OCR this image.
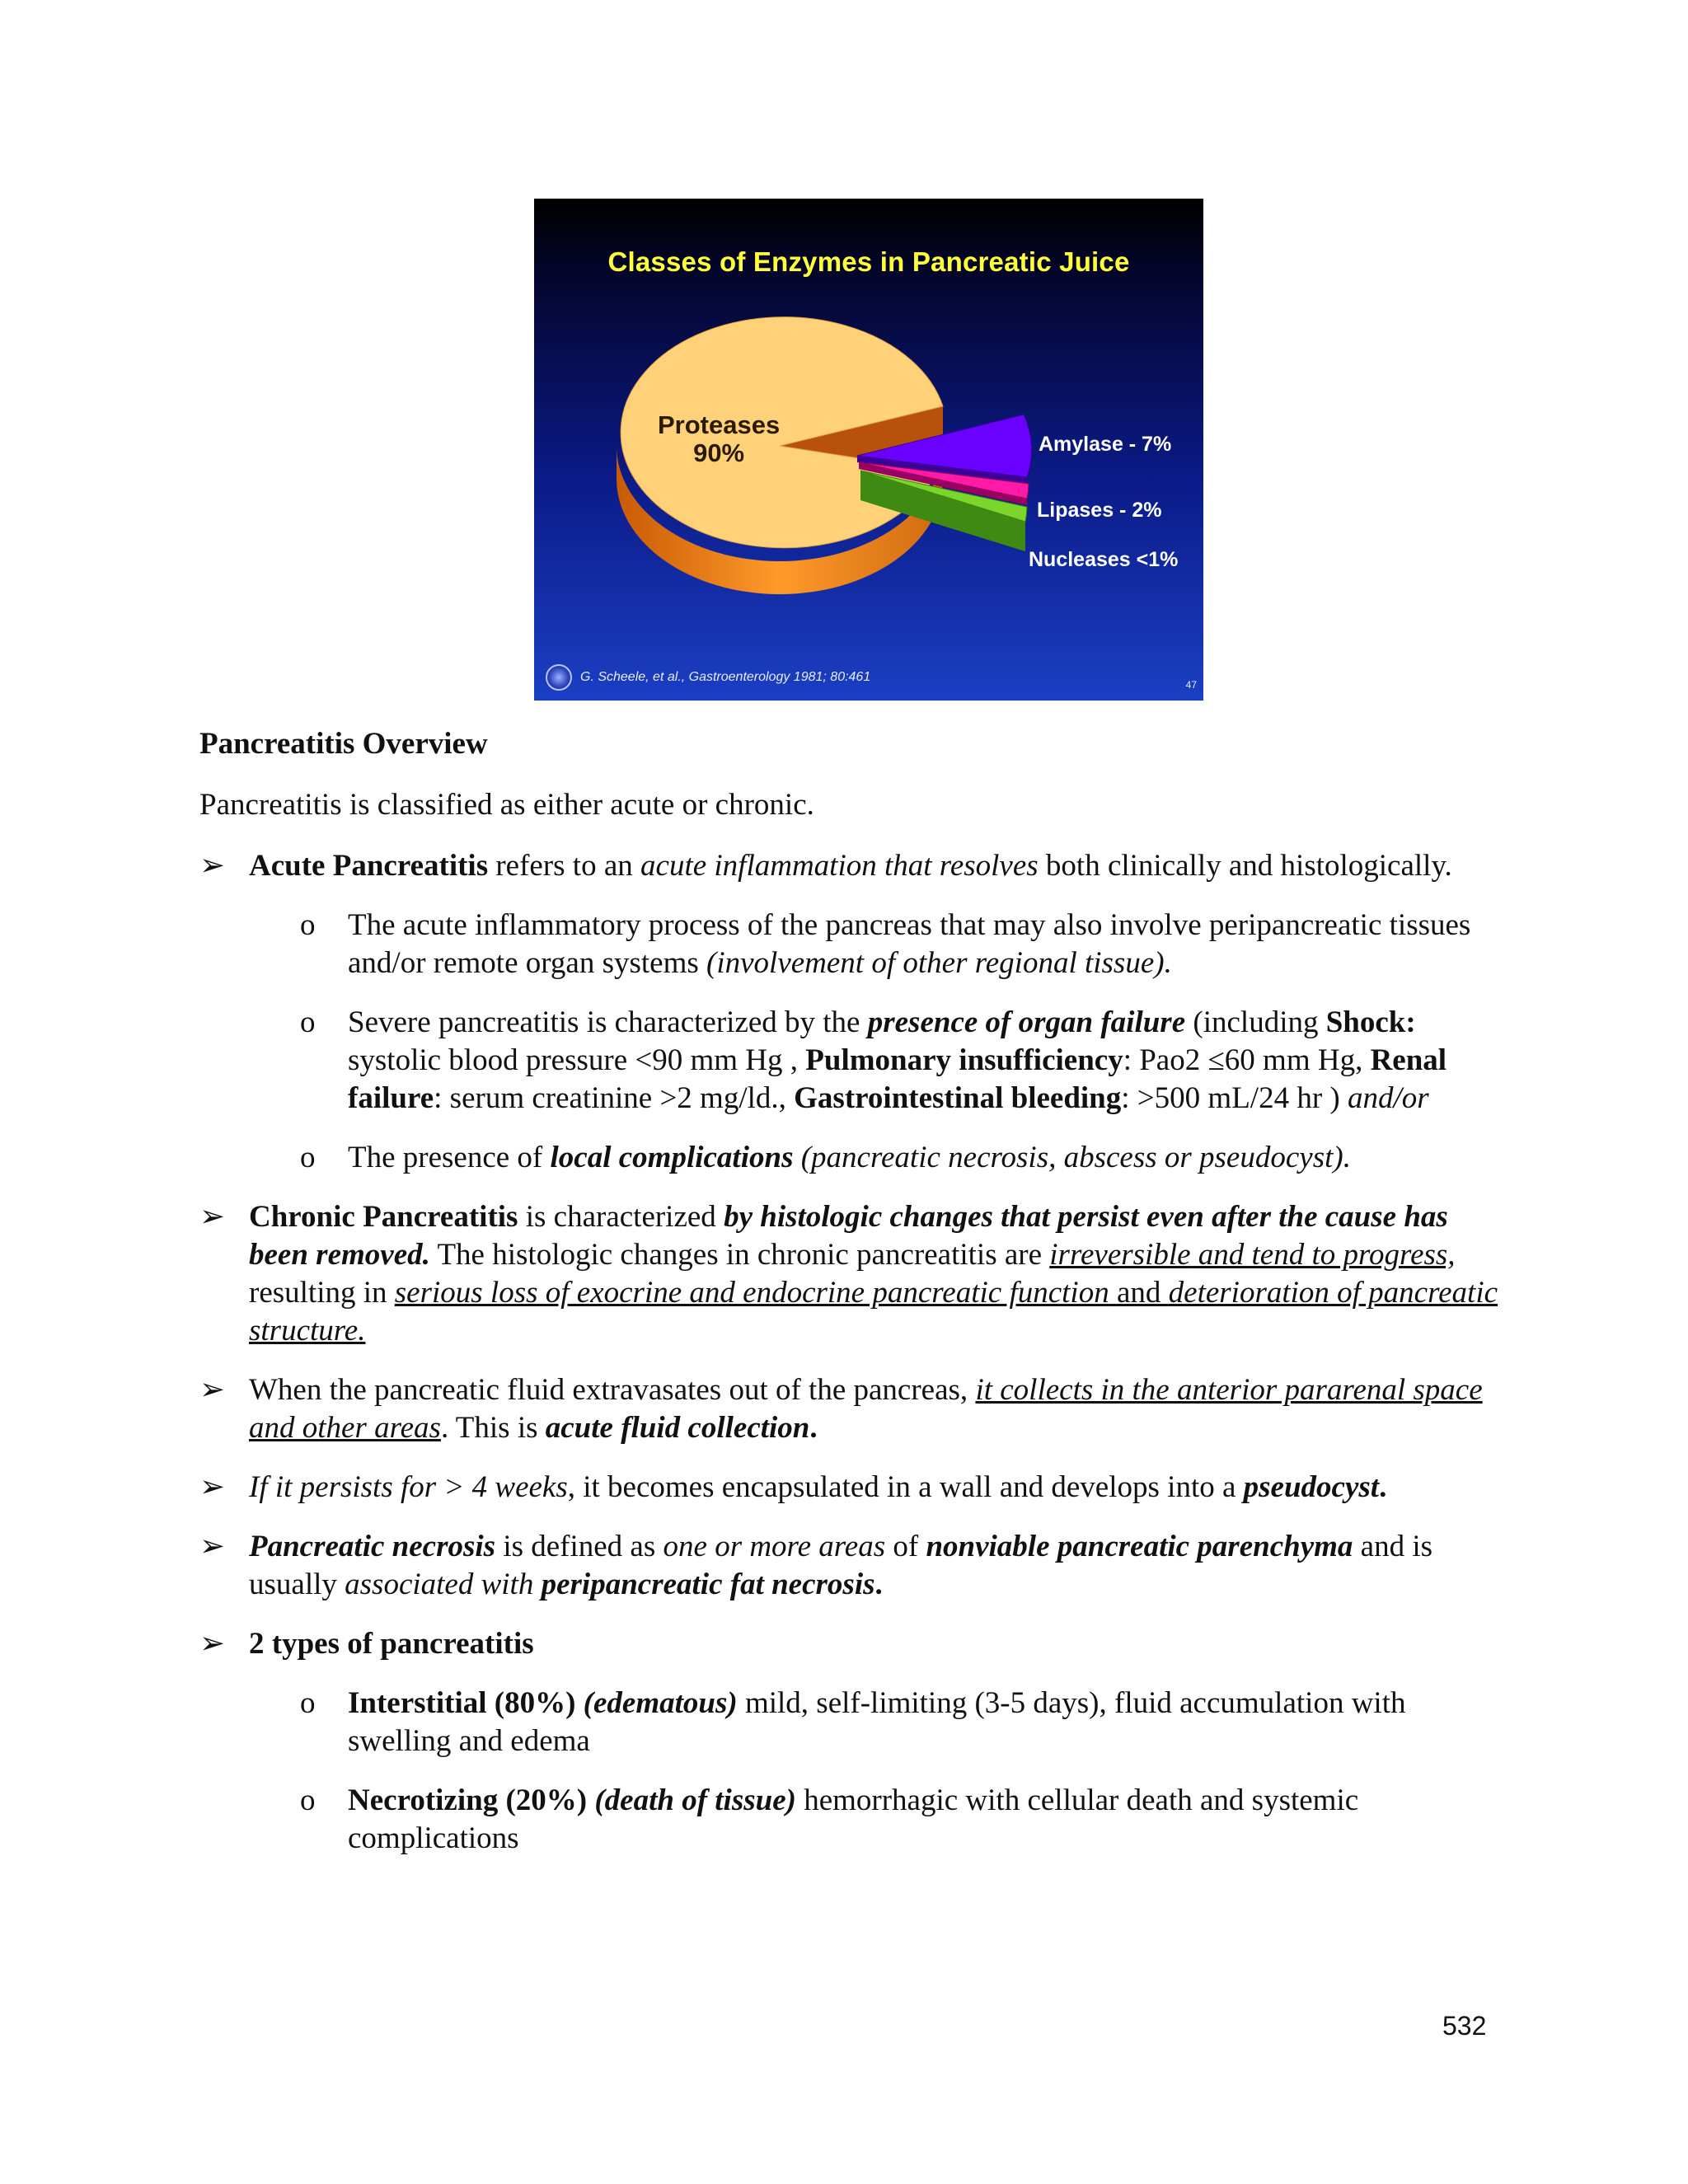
Classes of Enzymes in Pancreatic Juice
Proteases
90%	Amylase - 7%
Lipases - 2%
Nucleases <1%
G. Scheele, et al., Gastroenterology 1981; 80:461
47
Pancreatitis Overview
Pancreatitis is classified as either acute or chronic.
➢ Acute Pancreatitis refers to an acute inflammation that resolves both clinically and histologically.
o The acute inflammatory process of the pancreas that may also involve peripancreatic tissues and/or remote organ systems (involvement of other regional tissue).
o Severe pancreatitis is characterized by the presence of organ failure (including Shock: systolic blood pressure <90 mm Hg , Pulmonary insufficiency: Pao2 ≤60 mm Hg, Renal failure: serum creatinine >2 mg/ld., Gastrointestinal bleeding: >500 mL/24 hr ) and/or
o The presence of local complications (pancreatic necrosis, abscess or pseudocyst).
➢ Chronic Pancreatitis is characterized by histologic changes that persist even after the cause has been removed. The histologic changes in chronic pancreatitis are irreversible and tend to progress, resulting in serious loss of exocrine and endocrine pancreatic function and deterioration of pancreatic structure.
➢ When the pancreatic fluid extravasates out of the pancreas, it collects in the anterior pararenal space and other areas. This is acute fluid collection.
➢ If it persists for > 4 weeks, it becomes encapsulated in a wall and develops into a pseudocyst.
➢ Pancreatic necrosis is defined as one or more areas of nonviable pancreatic parenchyma and is usually associated with peripancreatic fat necrosis.
➢ 2 types of pancreatitis
o Interstitial (80%) (edematous) mild, self-limiting (3-5 days), fluid accumulation with swelling and edema
o Necrotizing (20%) (death of tissue) hemorrhagic with cellular death and systemic complications
532
